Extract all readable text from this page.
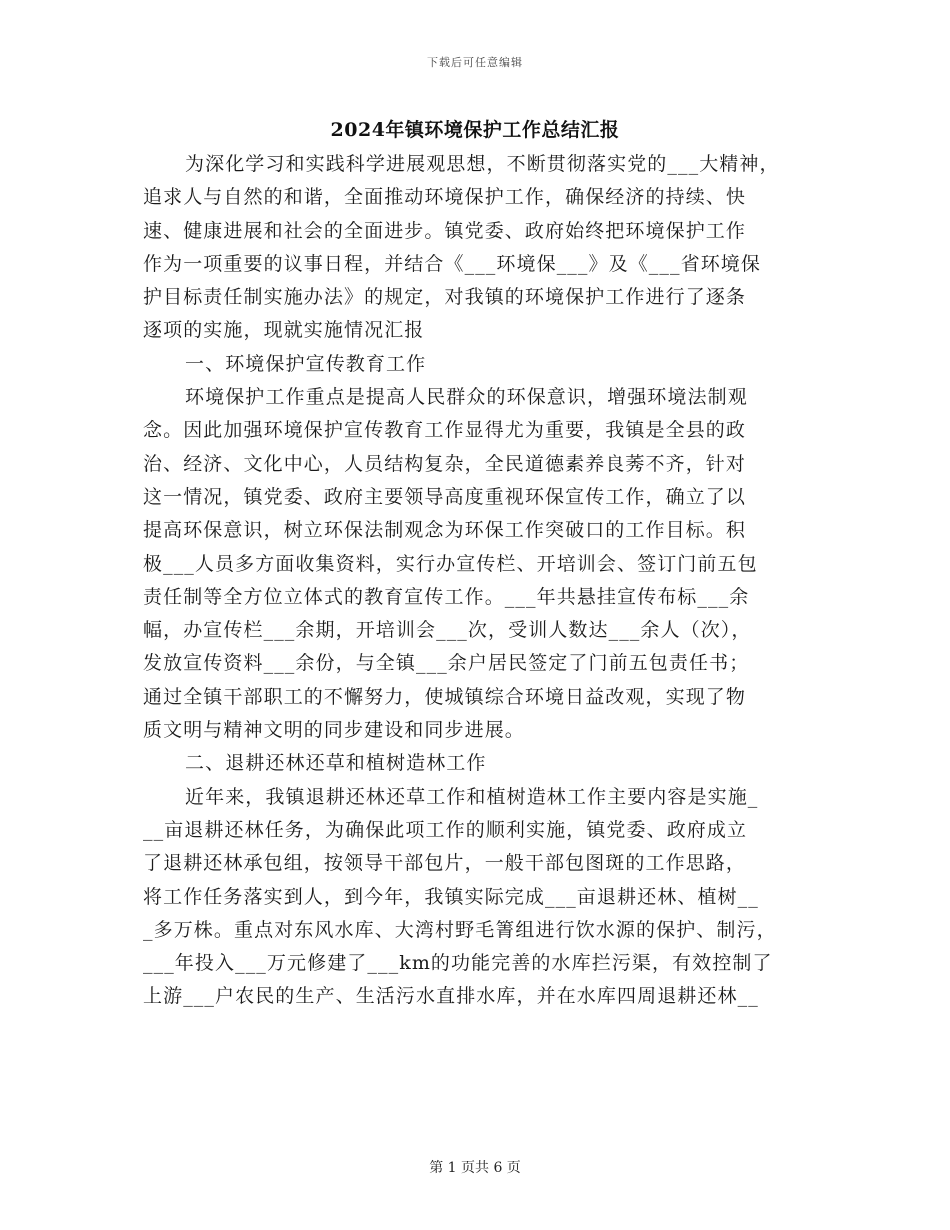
下载后可任意编辑
2024年镇环境保护工作总结汇报
为深化学习和实践科学进展观思想，不断贯彻落实党的___大精神，
追求人与自然的和谐，全面推动环境保护工作，确保经济的持续、快
速、健康进展和社会的全面进步。镇党委、政府始终把环境保护工作
作为一项重要的议事日程，并结合《___环境保___》及《___省环境保
护目标责任制实施办法》的规定，对我镇的环境保护工作进行了逐条
逐项的实施，现就实施情况汇报
一、环境保护宣传教育工作
环境保护工作重点是提高人民群众的环保意识，增强环境法制观
念。因此加强环境保护宣传教育工作显得尤为重要，我镇是全县的政
治、经济、文化中心，人员结构复杂，全民道德素养良莠不齐，针对
这一情况，镇党委、政府主要领导高度重视环保宣传工作，确立了以
提高环保意识，树立环保法制观念为环保工作突破口的工作目标。积
极___人员多方面收集资料，实行办宣传栏、开培训会、签订门前五包
责任制等全方位立体式的教育宣传工作。___年共悬挂宣传布标___余
幅，办宣传栏___余期，开培训会___次，受训人数达___余人（次），
发放宣传资料___余份，与全镇___余户居民签定了门前五包责任书；
通过全镇干部职工的不懈努力，使城镇综合环境日益改观，实现了物
质文明与精神文明的同步建设和同步进展。
二、退耕还林还草和植树造林工作
近年来，我镇退耕还林还草工作和植树造林工作主要内容是实施_
__亩退耕还林任务，为确保此项工作的顺利实施，镇党委、政府成立
了退耕还林承包组，按领导干部包片，一般干部包图斑的工作思路，
将工作任务落实到人，到今年，我镇实际完成___亩退耕还林、植树__
_多万株。重点对东风水库、大湾村野毛箐组进行饮水源的保护、制污，
___年投入___万元修建了___km的功能完善的水库拦污渠，有效控制了
上游___户农民的生产、生活污水直排水库，并在水库四周退耕还林__
第 1 页共 6 页
